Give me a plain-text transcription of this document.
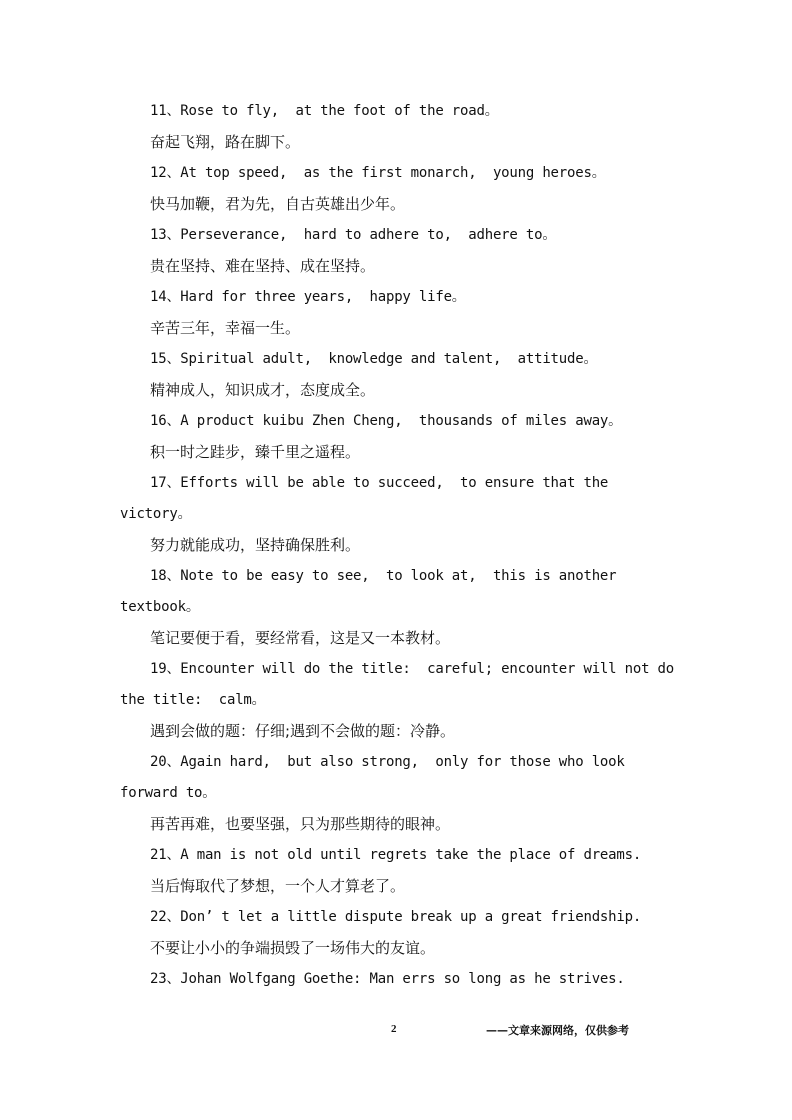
11、Rose to fly,  at the foot of the road。
奋起飞翔，路在脚下。
12、At top speed,  as the first monarch,  young heroes。
快马加鞭，君为先，自古英雄出少年。
13、Perseverance,  hard to adhere to,  adhere to。
贵在坚持、难在坚持、成在坚持。
14、Hard for three years,  happy life。
辛苦三年，幸福一生。
15、Spiritual adult,  knowledge and talent,  attitude。
精神成人，知识成才，态度成全。
16、A product kuibu Zhen Cheng,  thousands of miles away。
积一时之跬步，臻千里之遥程。
17、Efforts will be able to succeed,  to ensure that the
victory。
努力就能成功，坚持确保胜利。
18、Note to be easy to see,  to look at,  this is another
textbook。
笔记要便于看，要经常看，这是又一本教材。
19、Encounter will do the title:  careful; encounter will not do
the title:  calm。
遇到会做的题：仔细;遇到不会做的题：冷静。
20、Again hard,  but also strong,  only for those who look
forward to。
再苦再难，也要坚强，只为那些期待的眼神。
21、A man is not old until regrets take the place of dreams.
当后悔取代了梦想，一个人才算老了。
22、Don’ t let a little dispute break up a great friendship.
不要让小小的争端损毁了一场伟大的友谊。
23、Johan Wolfgang Goethe: Man errs so long as he strives.
2	——文章来源网络，仅供参考
